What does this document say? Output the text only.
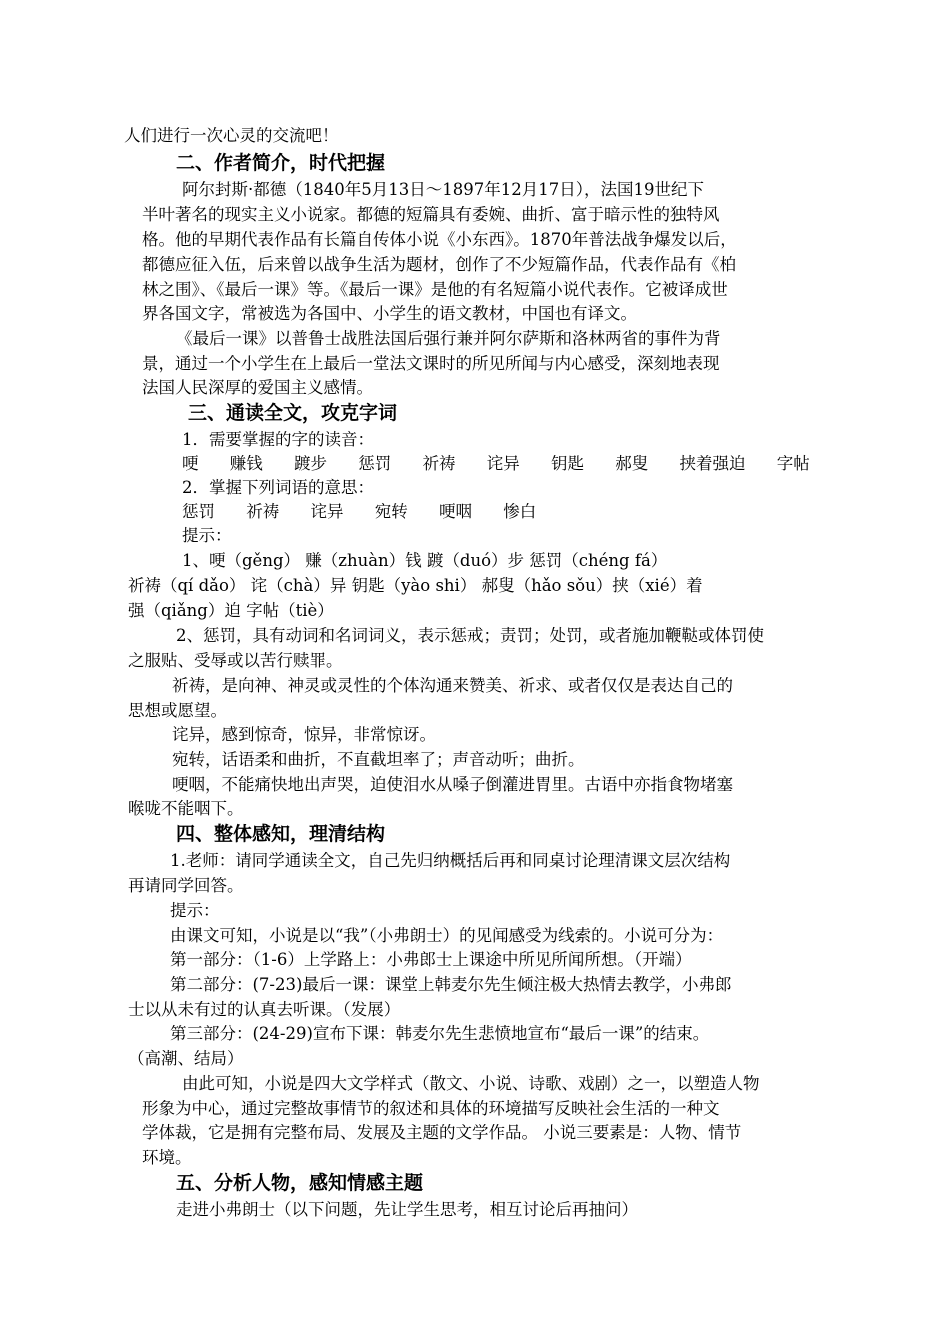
人们进行一次心灵的交流吧！
二、作者简介，时代把握
阿尔封斯·都德（1840年5月13日～1897年12月17日），法国19世纪下
半叶著名的现实主义小说家。都德的短篇具有委婉、曲折、富于暗示性的独特风
格。他的早期代表作品有长篇自传体小说《小东西》。1870年普法战争爆发以后，
都德应征入伍，后来曾以战争生活为题材，创作了不少短篇作品，代表作品有《柏
林之围》、《最后一课》等。《最后一课》是他的有名短篇小说代表作。它被译成世
界各国文字，常被选为各国中、小学生的语文教材，中国也有译文。
《最后一课》以普鲁士战胜法国后强行兼并阿尔萨斯和洛林两省的事件为背
景，通过一个小学生在上最后一堂法文课时的所见所闻与内心感受，深刻地表现
法国人民深厚的爱国主义感情。
三、通读全文，攻克字词
1．需要掌握的字的读音：
哽 赚钱 踱步 惩罚 祈祷 诧异 钥匙 郝叟 挟着强迫 字帖
2．掌握下列词语的意思：
惩罚 祈祷 诧异 宛转 哽咽 惨白
提示：
1、哽（gěng） 赚（zhuàn）钱 踱（duó）步 惩罚（chéng fá）
祈祷（qí dǎo） 诧（chà）异 钥匙（yào shi） 郝叟（hǎo sǒu）挟（xié）着
强（qiǎng）迫 字帖（tiè）
2、惩罚，具有动词和名词词义，表示惩戒；责罚；处罚，或者施加鞭鞑或体罚使
之服贴、受辱或以苦行赎罪。
祈祷，是向神、神灵或灵性的个体沟通来赞美、祈求、或者仅仅是表达自己的
思想或愿望。
诧异，感到惊奇，惊异，非常惊讶。
宛转，话语柔和曲折，不直截坦率了；声音动听；曲折。
哽咽，不能痛快地出声哭，迫使泪水从嗓子倒灌进胃里。古语中亦指食物堵塞
喉咙不能咽下。
四、整体感知，理清结构
1.老师：请同学通读全文，自己先归纳概括后再和同桌讨论理清课文层次结构
再请同学回答。
提示：
由课文可知，小说是以“我”（小弗朗士）的见闻感受为线索的。小说可分为：
第一部分：（1-6）上学路上：小弗郎士上课途中所见所闻所想。（开端）
第二部分：(7-23)最后一课：课堂上韩麦尔先生倾注极大热情去教学，小弗郎
士以从未有过的认真去听课。（发展）
第三部分：(24-29)宣布下课：韩麦尔先生悲愤地宣布“最后一课”的结束。
（高潮、结局）
由此可知，小说是四大文学样式（散文、小说、诗歌、戏剧）之一，以塑造人物
形象为中心，通过完整故事情节的叙述和具体的环境描写反映社会生活的一种文
学体裁，它是拥有完整布局、发展及主题的文学作品。 小说三要素是：人物、情节
环境。
五、分析人物，感知情感主题
走进小弗朗士（以下问题，先让学生思考，相互讨论后再抽问）
